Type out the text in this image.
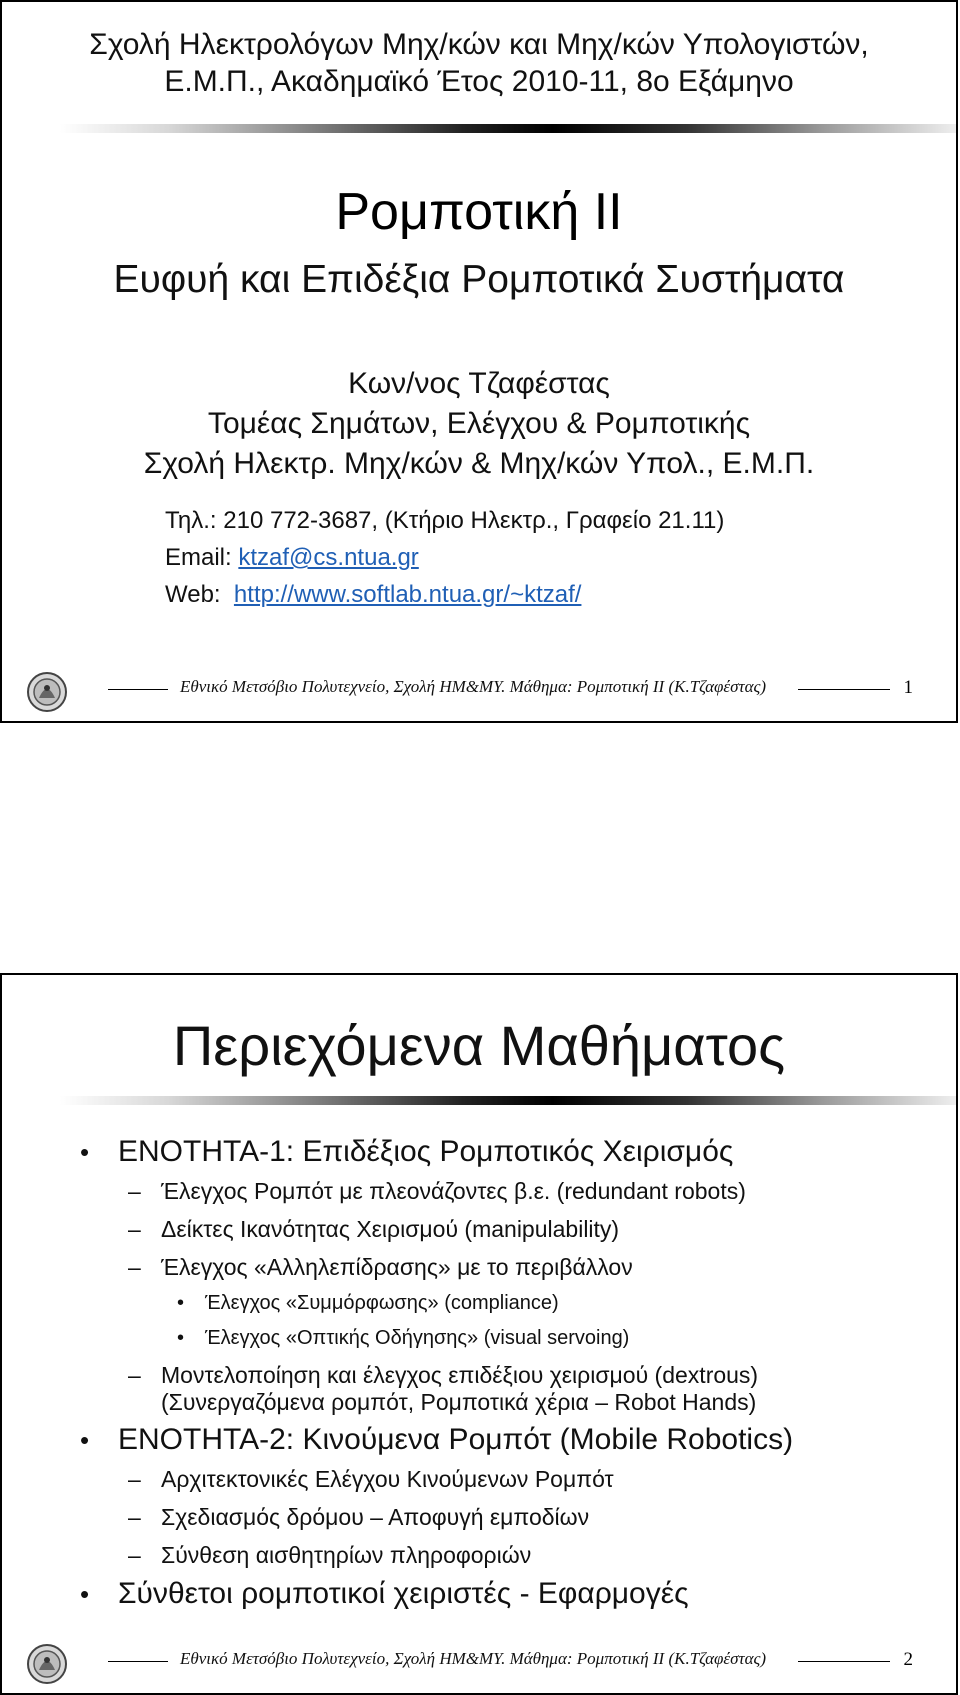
Σχολή Ηλεκτρολόγων Μηχ/κών και Μηχ/κών Υπολογιστών,
Ε.Μ.Π., Ακαδημαϊκό Έτος 2010-11, 8ο Εξάμηνο
Ρομποτική ΙΙ
Ευφυή και Επιδέξια Ρομποτικά Συστήματα
Κων/νος Τζαφέστας
Τομέας Σημάτων, Ελέγχου & Ρομποτικής
Σχολή Ηλεκτρ. Μηχ/κών & Μηχ/κών Υπολ., Ε.Μ.Π.
Τηλ.: 210 772-3687, (Κτήριο Ηλεκτρ., Γραφείο 21.11)
Email: ktzaf@cs.ntua.gr
Web:  http://www.softlab.ntua.gr/~ktzaf/
Εθνικό Μετσόβιο Πολυτεχνείο, Σχολή ΗΜ&ΜΥ. Μάθημα: Ρομποτική ΙΙ (Κ.Τζαφέστας)	1
Περιεχόμενα Μαθήματος
• ΕΝΟΤΗΤΑ-1: Επιδέξιος Ρομποτικός Χειρισμός
– Έλεγχος Ρομπότ με πλεονάζοντες β.ε. (redundant robots)
– Δείκτες Ικανότητας Χειρισμού (manipulability)
– Έλεγχος «Αλληλεπίδρασης» με το περιβάλλον
• Έλεγχος «Συμμόρφωσης» (compliance)
• Έλεγχος «Οπτικής Οδήγησης» (visual servoing)
– Μοντελοποίηση και έλεγχος επιδέξιου χειρισμού (dextrous)
(Συνεργαζόμενα ρομπότ, Ρομποτικά χέρια – Robot Hands)
• ΕΝΟΤΗΤΑ-2: Κινούμενα Ρομπότ (Mobile Robotics)
– Αρχιτεκτονικές Ελέγχου Κινούμενων Ρομπότ
– Σχεδιασμός δρόμου – Αποφυγή εμποδίων
– Σύνθεση αισθητηρίων πληροφοριών
• Σύνθετοι ρομποτικοί χειριστές - Εφαρμογές
Εθνικό Μετσόβιο Πολυτεχνείο, Σχολή ΗΜ&ΜΥ. Μάθημα: Ρομποτική ΙΙ (Κ.Τζαφέστας)	2
